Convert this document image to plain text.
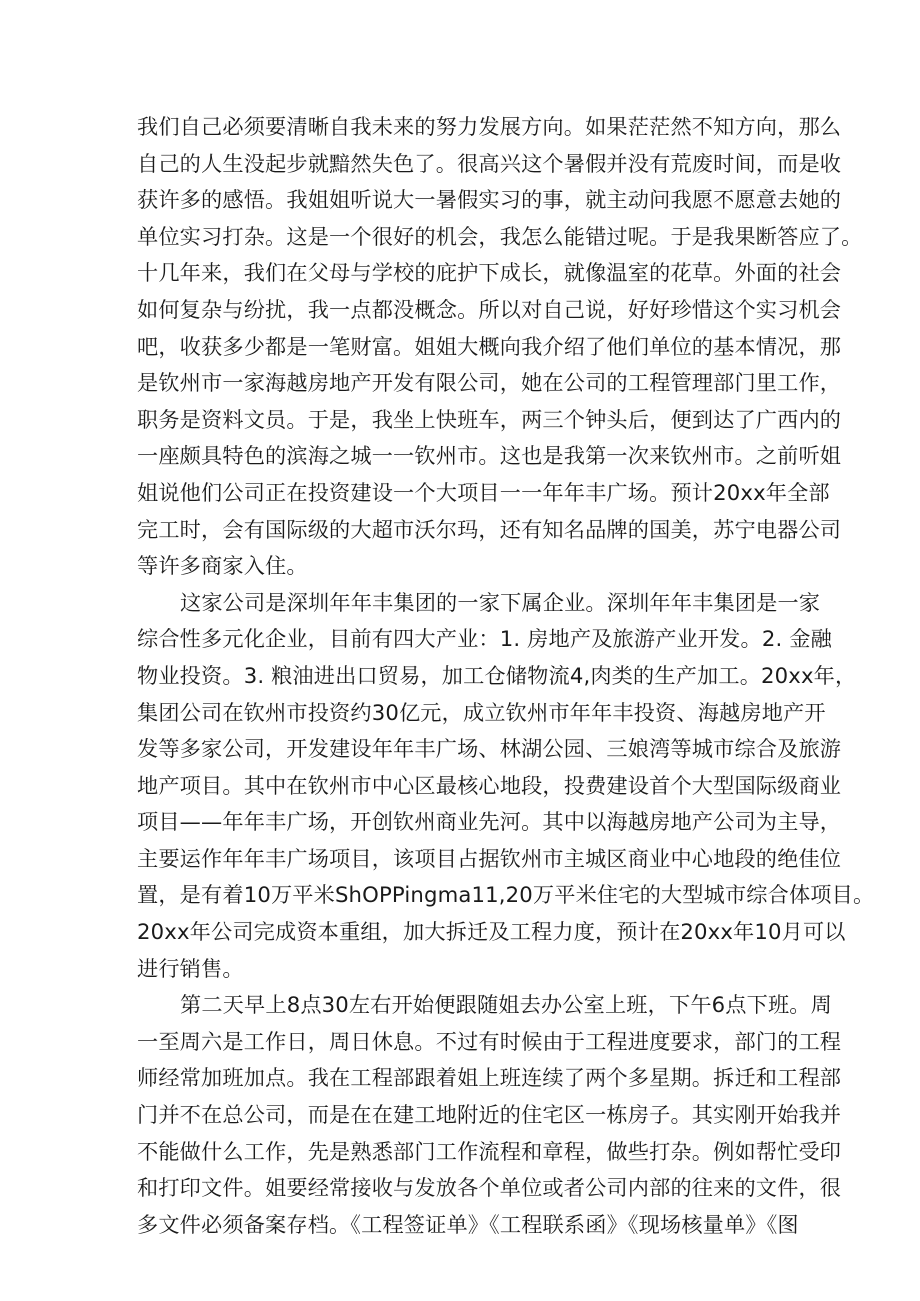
我们自己必须要清晰自我未来的努力发展方向。如果茫茫然不知方向，那么
自己的人生没起步就黯然失色了。很高兴这个暑假并没有荒废时间，而是收
获许多的感悟。我姐姐听说大一暑假实习的事，就主动问我愿不愿意去她的
单位实习打杂。这是一个很好的机会，我怎么能错过呢。于是我果断答应了。
十几年来，我们在父母与学校的庇护下成长，就像温室的花草。外面的社会
如何复杂与纷扰，我一点都没概念。所以对自己说，好好珍惜这个实习机会
吧，收获多少都是一笔财富。姐姐大概向我介绍了他们单位的基本情况，那
是钦州市一家海越房地产开发有限公司，她在公司的工程管理部门里工作，
职务是资料文员。于是，我坐上快班车，两三个钟头后，便到达了广西内的
一座颇具特色的滨海之城一一钦州市。这也是我第一次来钦州市。之前听姐
姐说他们公司正在投资建设一个大项目一一年年丰广场。预计20xx年全部
完工时，会有国际级的大超市沃尔玛，还有知名品牌的国美，苏宁电器公司
等许多商家入住。
这家公司是深圳年年丰集团的一家下属企业。深圳年年丰集团是一家
综合性多元化企业，目前有四大产业：1. 房地产及旅游产业开发。2. 金融
物业投资。3. 粮油进出口贸易，加工仓储物流4,肉类的生产加工。20xx年，
集团公司在钦州市投资约30亿元，成立钦州市年年丰投资、海越房地产开
发等多家公司，开发建设年年丰广场、林湖公园、三娘湾等城市综合及旅游
地产项目。其中在钦州市中心区最核心地段，投费建设首个大型国际级商业
项目——年年丰广场，开创钦州商业先河。其中以海越房地产公司为主导，
主要运作年年丰广场项目，该项目占据钦州市主城区商业中心地段的绝佳位
置，是有着10万平米ShOPPingma11,20万平米住宅的大型城市综合体项目。
20xx年公司完成资本重组，加大拆迁及工程力度，预计在20xx年10月可以
进行销售。
第二天早上8点30左右开始便跟随姐去办公室上班，下午6点下班。周
一至周六是工作日，周日休息。不过有时候由于工程进度要求，部门的工程
师经常加班加点。我在工程部跟着姐上班连续了两个多星期。拆迁和工程部
门并不在总公司，而是在在建工地附近的住宅区一栋房子。其实刚开始我并
不能做什么工作，先是熟悉部门工作流程和章程，做些打杂。例如帮忙受印
和打印文件。姐要经常接收与发放各个单位或者公司内部的往来的文件，很
多文件必须备案存档。《工程签证单》《工程联系函》《现场核量单》《图
